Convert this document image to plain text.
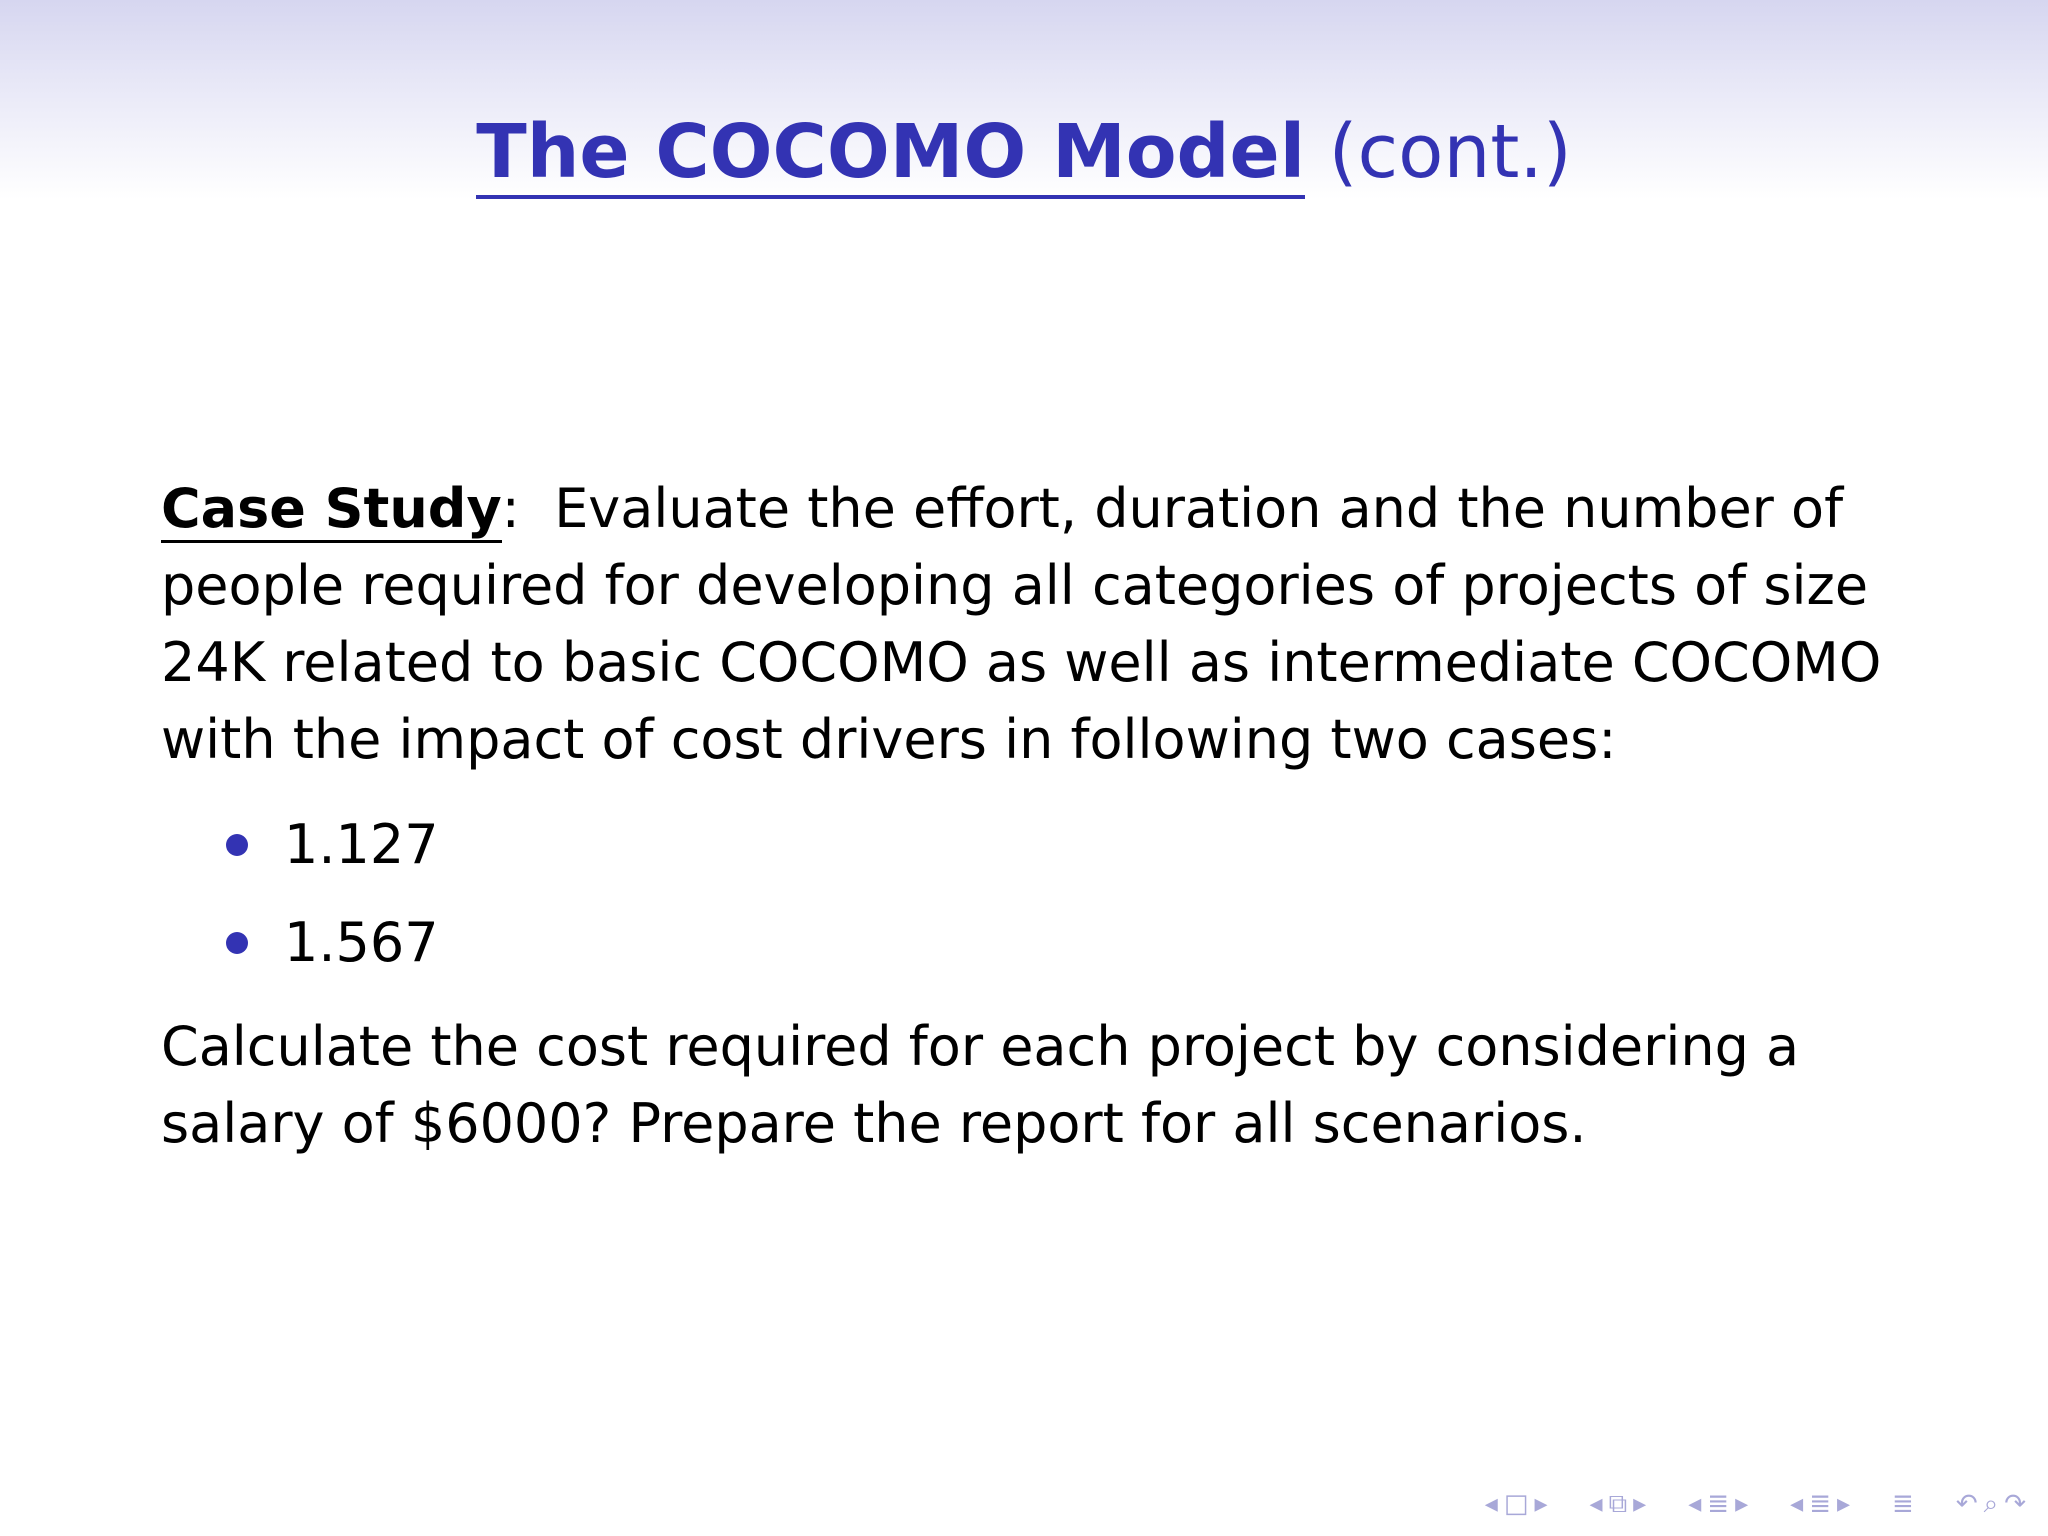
The COCOMO Model (cont.)
Case Study: Evaluate the effort, duration and the number of people required for developing all categories of projects of size 24K related to basic COCOMO as well as intermediate COCOMO with the impact of cost drivers in following two cases:
1.127
1.567
Calculate the cost required for each project by considering a salary of $6000? Prepare the report for all scenarios.
◂ □ ▸ ◂ ⧉ ▸ ◂ ≣ ▸ ◂ ≣ ▸ ≣ ↶ ⌕ ↷
